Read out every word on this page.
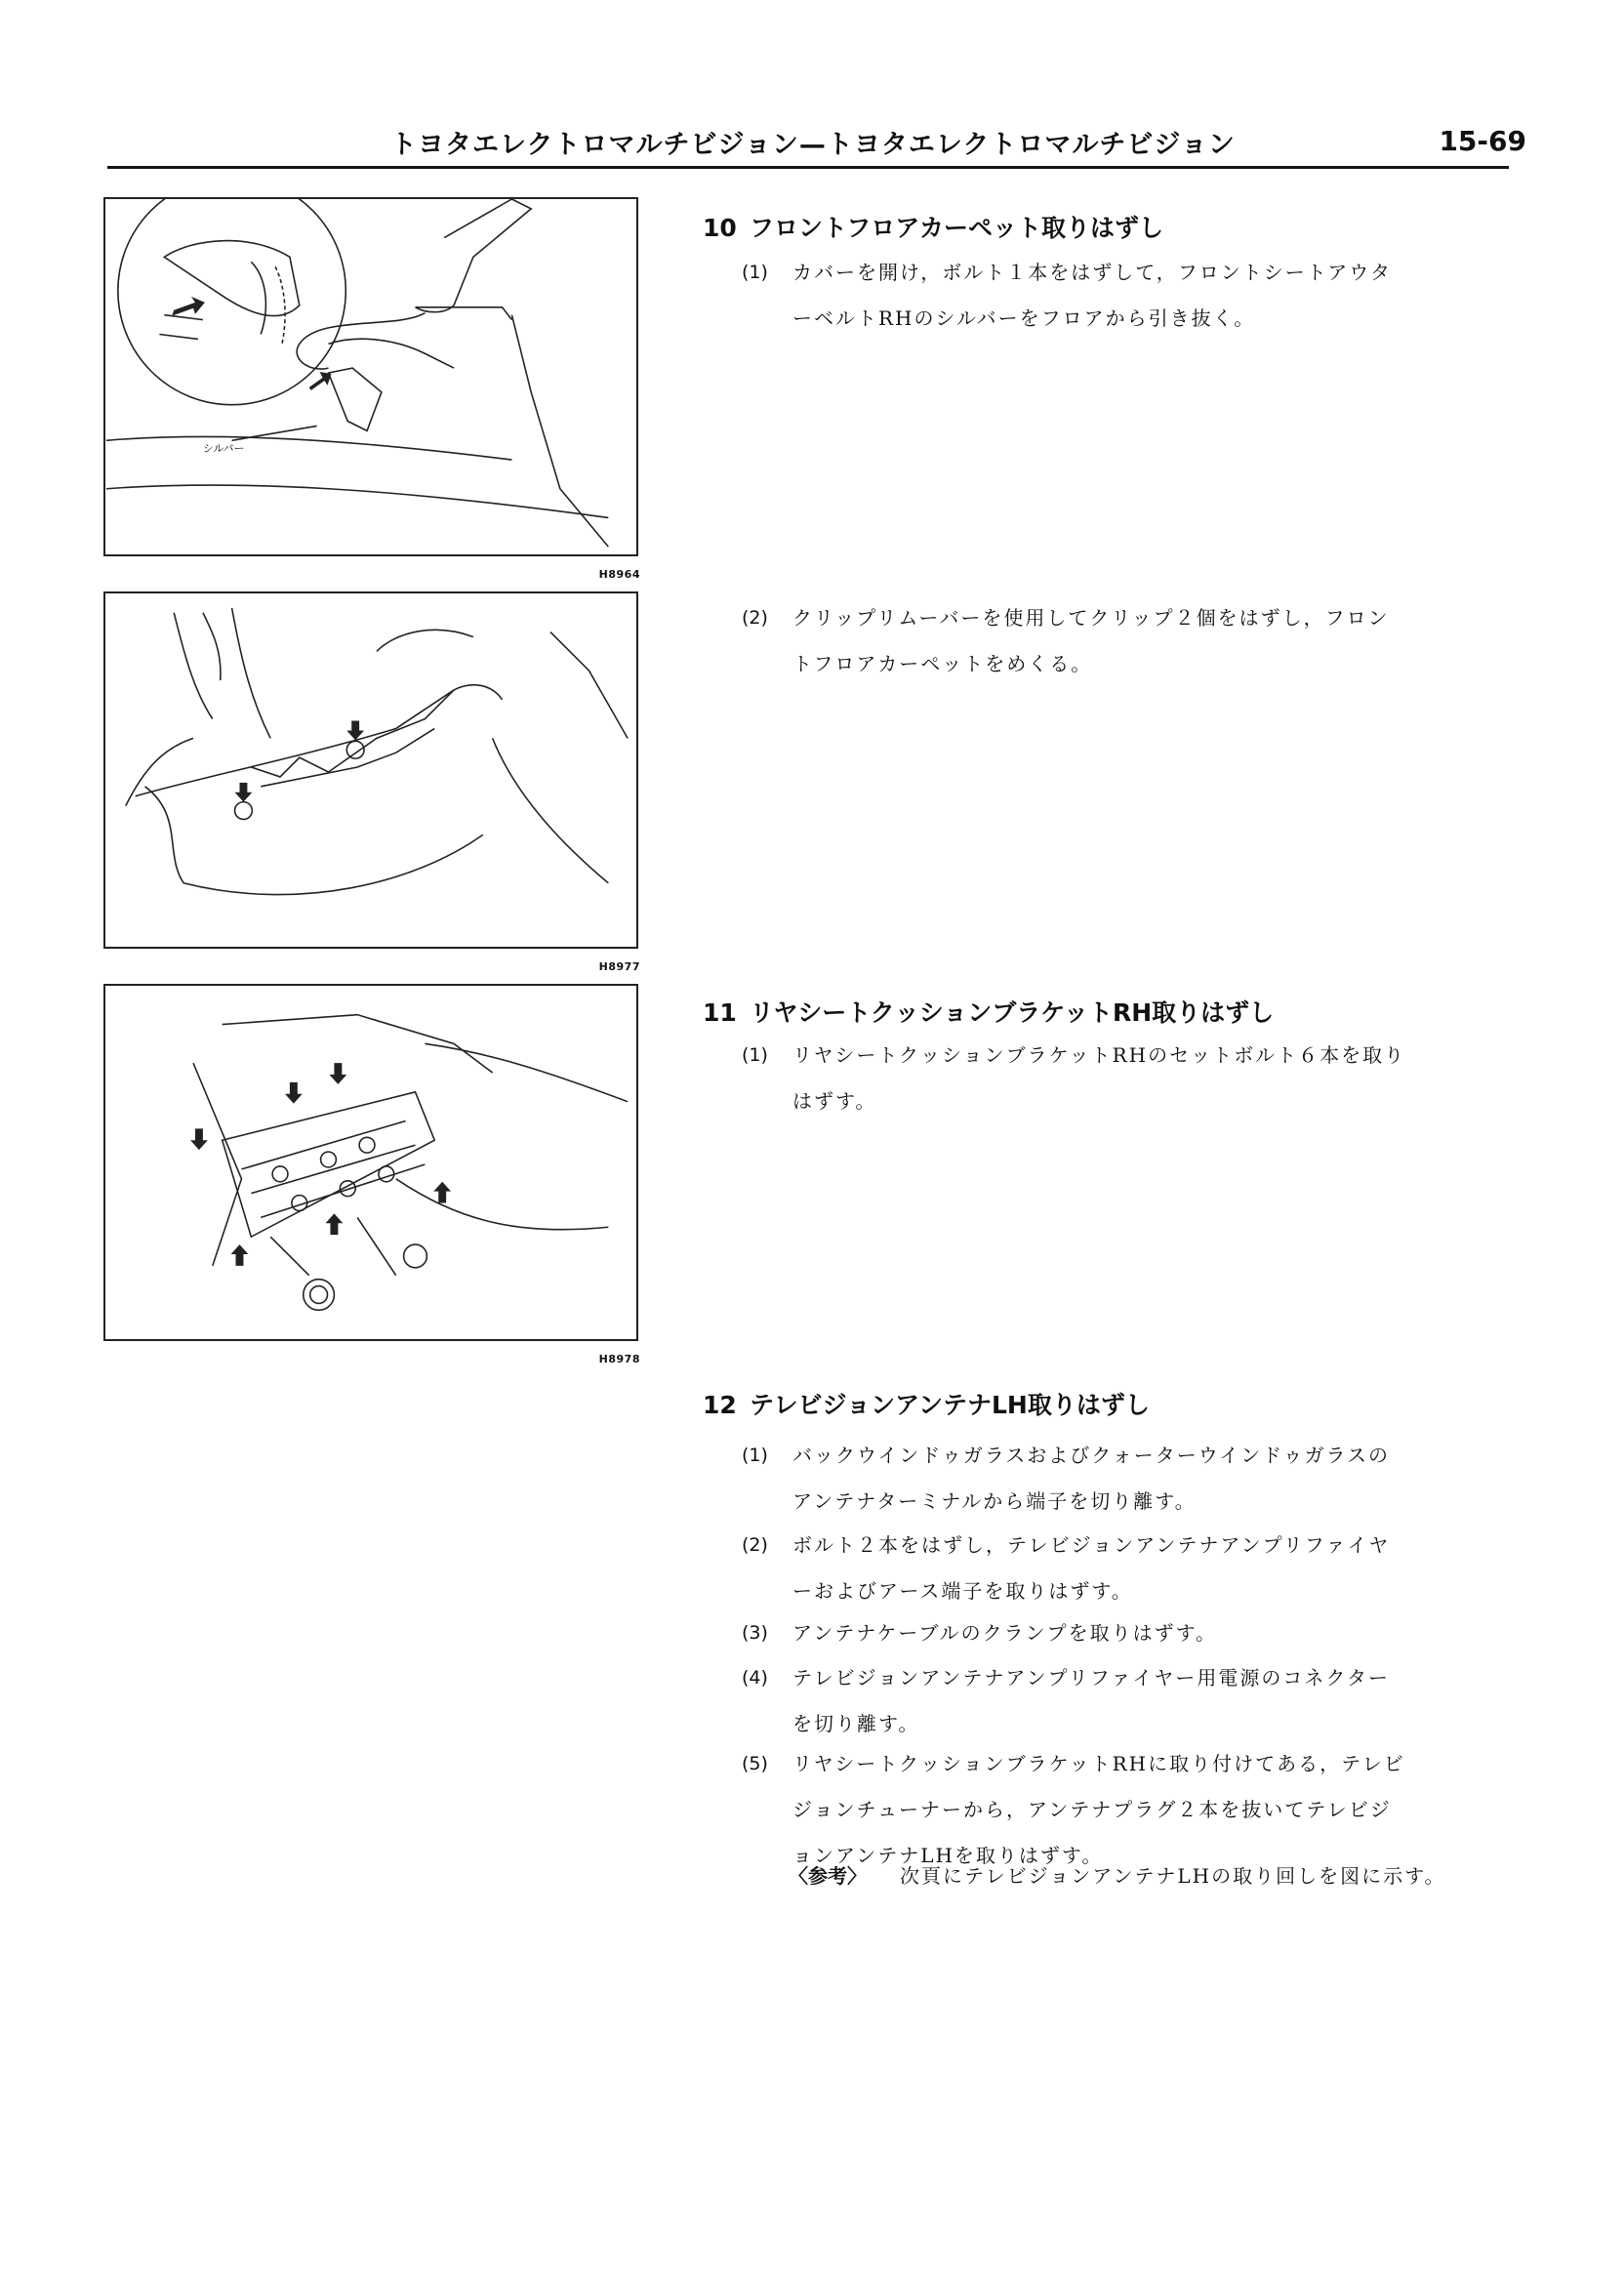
トヨタエレクトロマルチビジョン—トヨタエレクトロマルチビジョン	15-69
シルバー
H8964
H8977
H8978
10 フロントフロアカーペット取りはずし
(1)	カバーを開け，ボルト１本をはずして，フロントシートアウタ
ーベルトRHのシルバーをフロアから引き抜く。
(2)	クリップリムーバーを使用してクリップ２個をはずし，フロン
トフロアカーペットをめくる。
11 リヤシートクッションブラケットRH取りはずし
(1)	リヤシートクッションブラケットRHのセットボルト６本を取り
はずす。
12 テレビジョンアンテナLH取りはずし
(1)	バックウインドゥガラスおよびクォーターウインドゥガラスの
アンテナターミナルから端子を切り離す。
(2)	ボルト２本をはずし，テレビジョンアンテナアンプリファイヤ
ーおよびアース端子を取りはずす。
(3)	アンテナケーブルのクランプを取りはずす。
(4)	テレビジョンアンテナアンプリファイヤー用電源のコネクター
を切り離す。
(5)	リヤシートクッションブラケットRHに取り付けてある，テレビ
ジョンチューナーから，アンテナプラグ２本を抜いてテレビジ
ョンアンテナLHを取りはずす。
〈参考〉 次頁にテレビジョンアンテナLHの取り回しを図に示す。
